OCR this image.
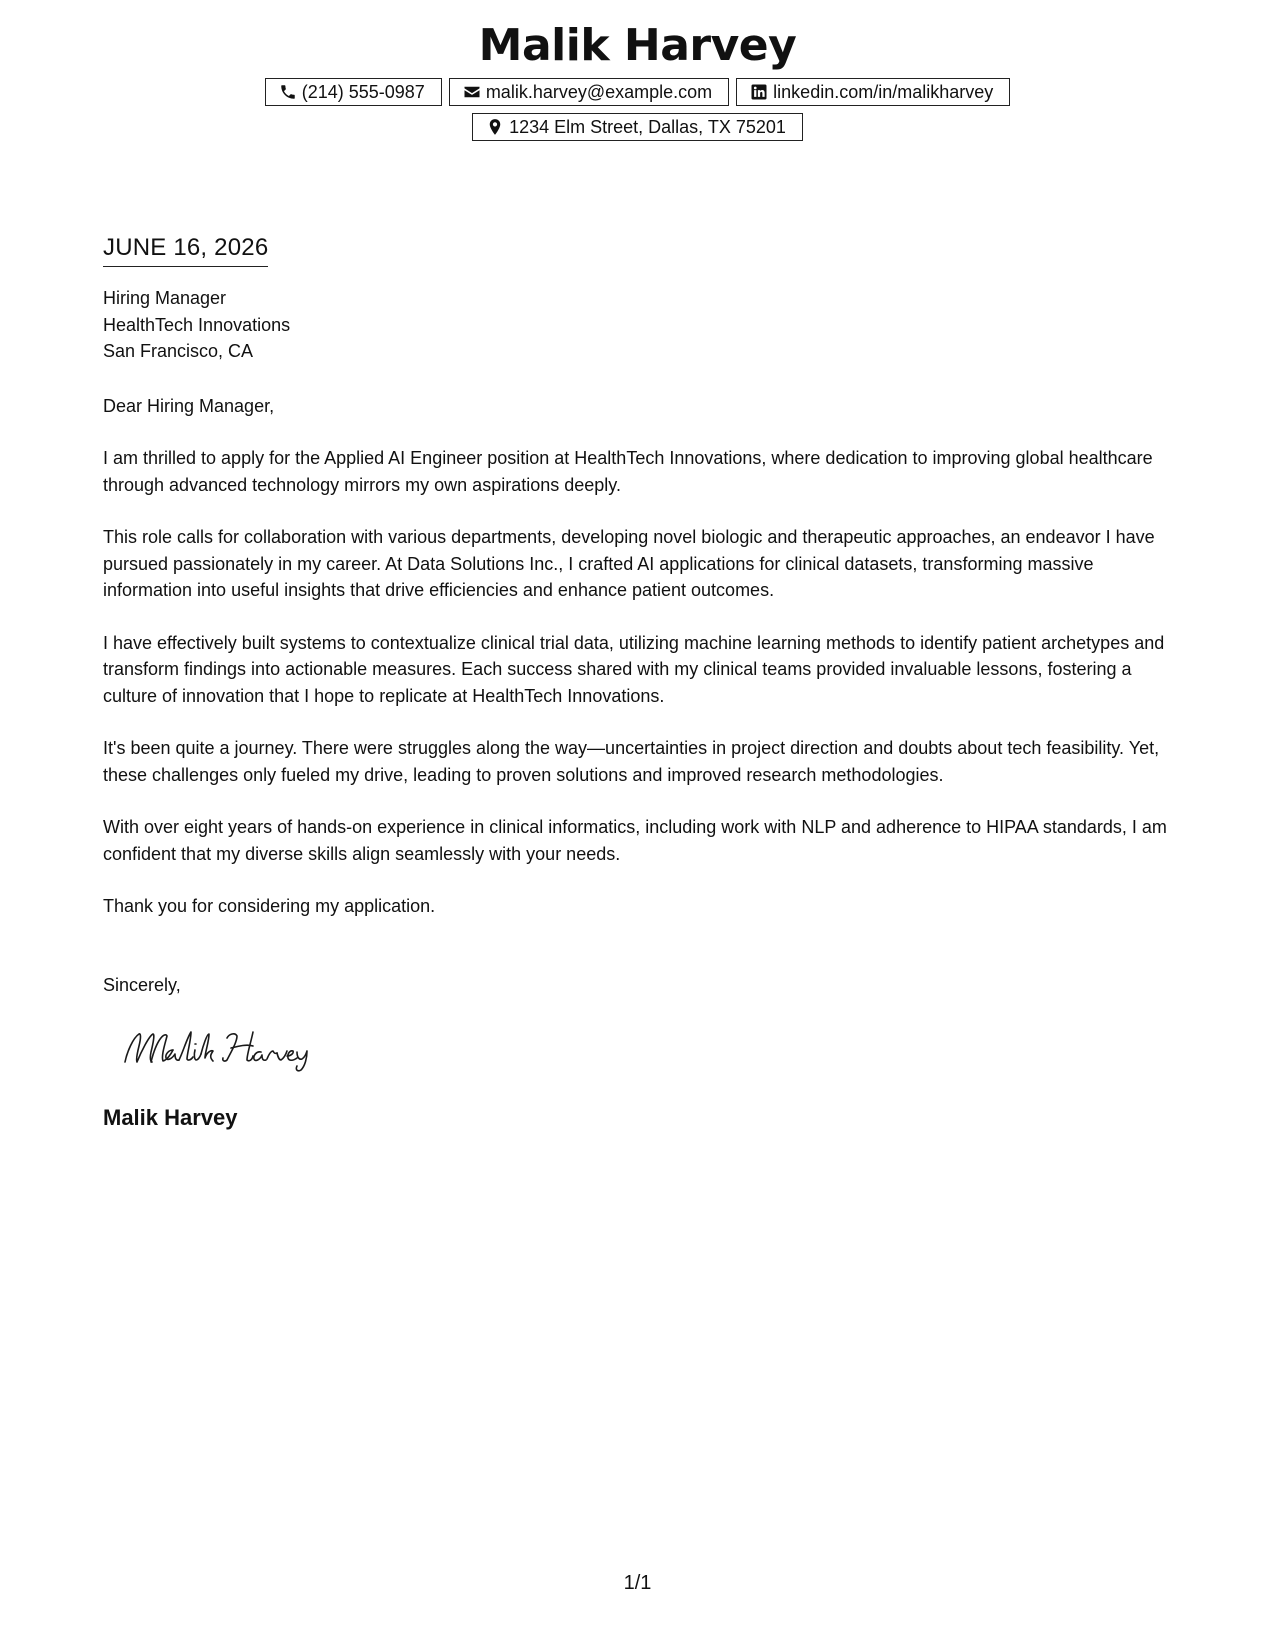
Malik Harvey
(214) 555-0987	malik.harvey@example.com	linkedin.com/in/malikharvey
1234 Elm Street, Dallas, TX 75201
JUNE 16, 2026
Hiring Manager
HealthTech Innovations
San Francisco, CA
Dear Hiring Manager,

I am thrilled to apply for the Applied AI Engineer position at HealthTech Innovations, where dedication to improving global healthcare through advanced technology mirrors my own aspirations deeply.

This role calls for collaboration with various departments, developing novel biologic and therapeutic approaches, an endeavor I have pursued passionately in my career. At Data Solutions Inc., I crafted AI applications for clinical datasets, transforming massive information into useful insights that drive efficiencies and enhance patient outcomes.

I have effectively built systems to contextualize clinical trial data, utilizing machine learning methods to identify patient archetypes and transform findings into actionable measures. Each success shared with my clinical teams provided invaluable lessons, fostering a culture of innovation that I hope to replicate at HealthTech Innovations.

It's been quite a journey. There were struggles along the way—uncertainties in project direction and doubts about tech feasibility. Yet, these challenges only fueled my drive, leading to proven solutions and improved research methodologies.

With over eight years of hands-on experience in clinical informatics, including work with NLP and adherence to HIPAA standards, I am confident that my diverse skills align seamlessly with your needs.

Thank you for considering my application.

Sincerely,
Malik Harvey
1/1
